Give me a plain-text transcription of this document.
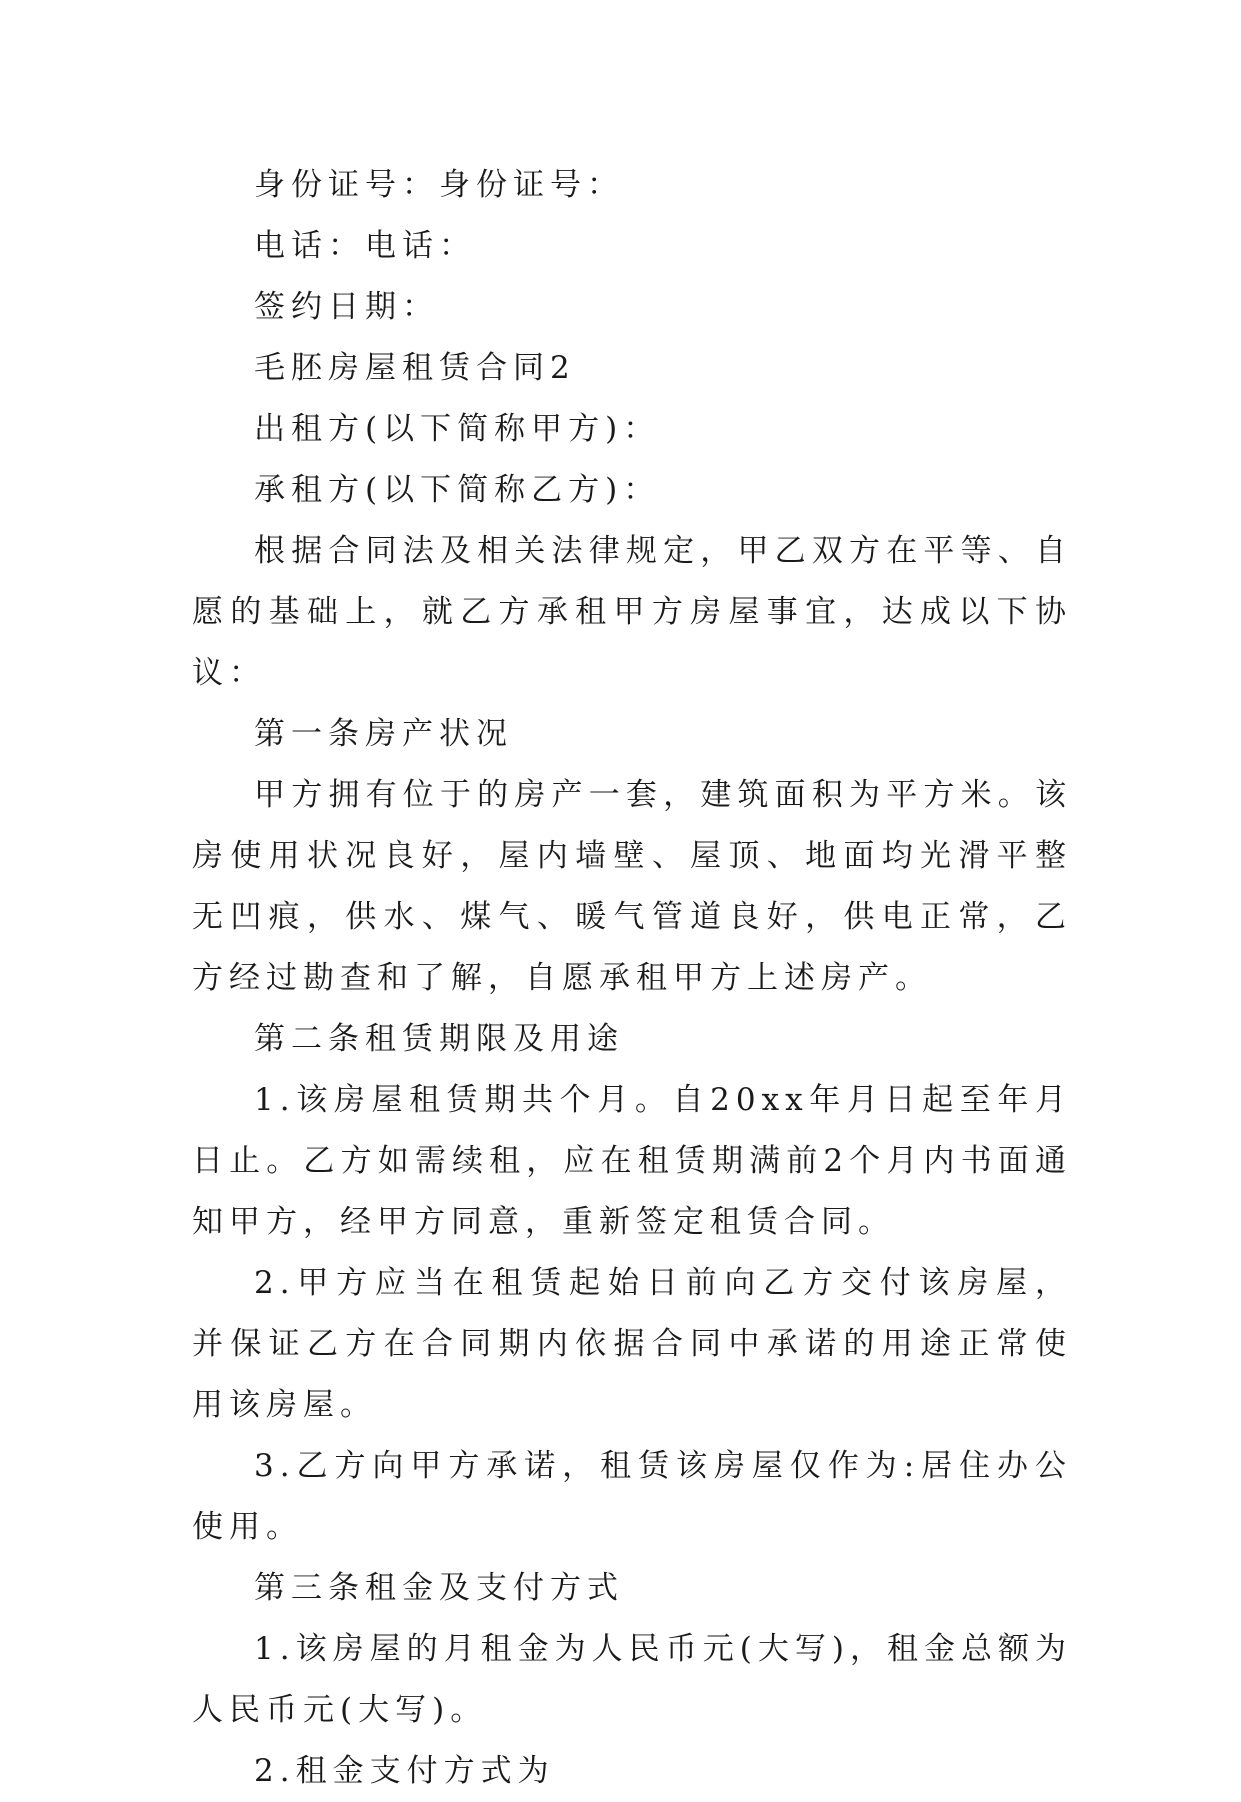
身份证号：身份证号：

电话：电话：

签约日期：

毛胚房屋租赁合同2

出租方(以下简称甲方)：

承租方(以下简称乙方)：

根据合同法及相关法律规定，甲乙双方在平等、自愿的基础上，就乙方承租甲方房屋事宜，达成以下协议：

第一条房产状况

甲方拥有位于的房产一套，建筑面积为平方米。该房使用状况良好，屋内墙壁、屋顶、地面均光滑平整无凹痕，供水、煤气、暖气管道良好，供电正常，乙方经过勘查和了解，自愿承租甲方上述房产。

第二条租赁期限及用途

1.该房屋租赁期共个月。自20xx年月日起至年月日止。乙方如需续租，应在租赁期满前2个月内书面通知甲方，经甲方同意，重新签定租赁合同。

2.甲方应当在租赁起始日前向乙方交付该房屋，并保证乙方在合同期内依据合同中承诺的用途正常使用该房屋。

3.乙方向甲方承诺，租赁该房屋仅作为:居住办公使用。

第三条租金及支付方式

1.该房屋的月租金为人民币元(大写)，租金总额为人民币元(大写)。

2.租金支付方式为
